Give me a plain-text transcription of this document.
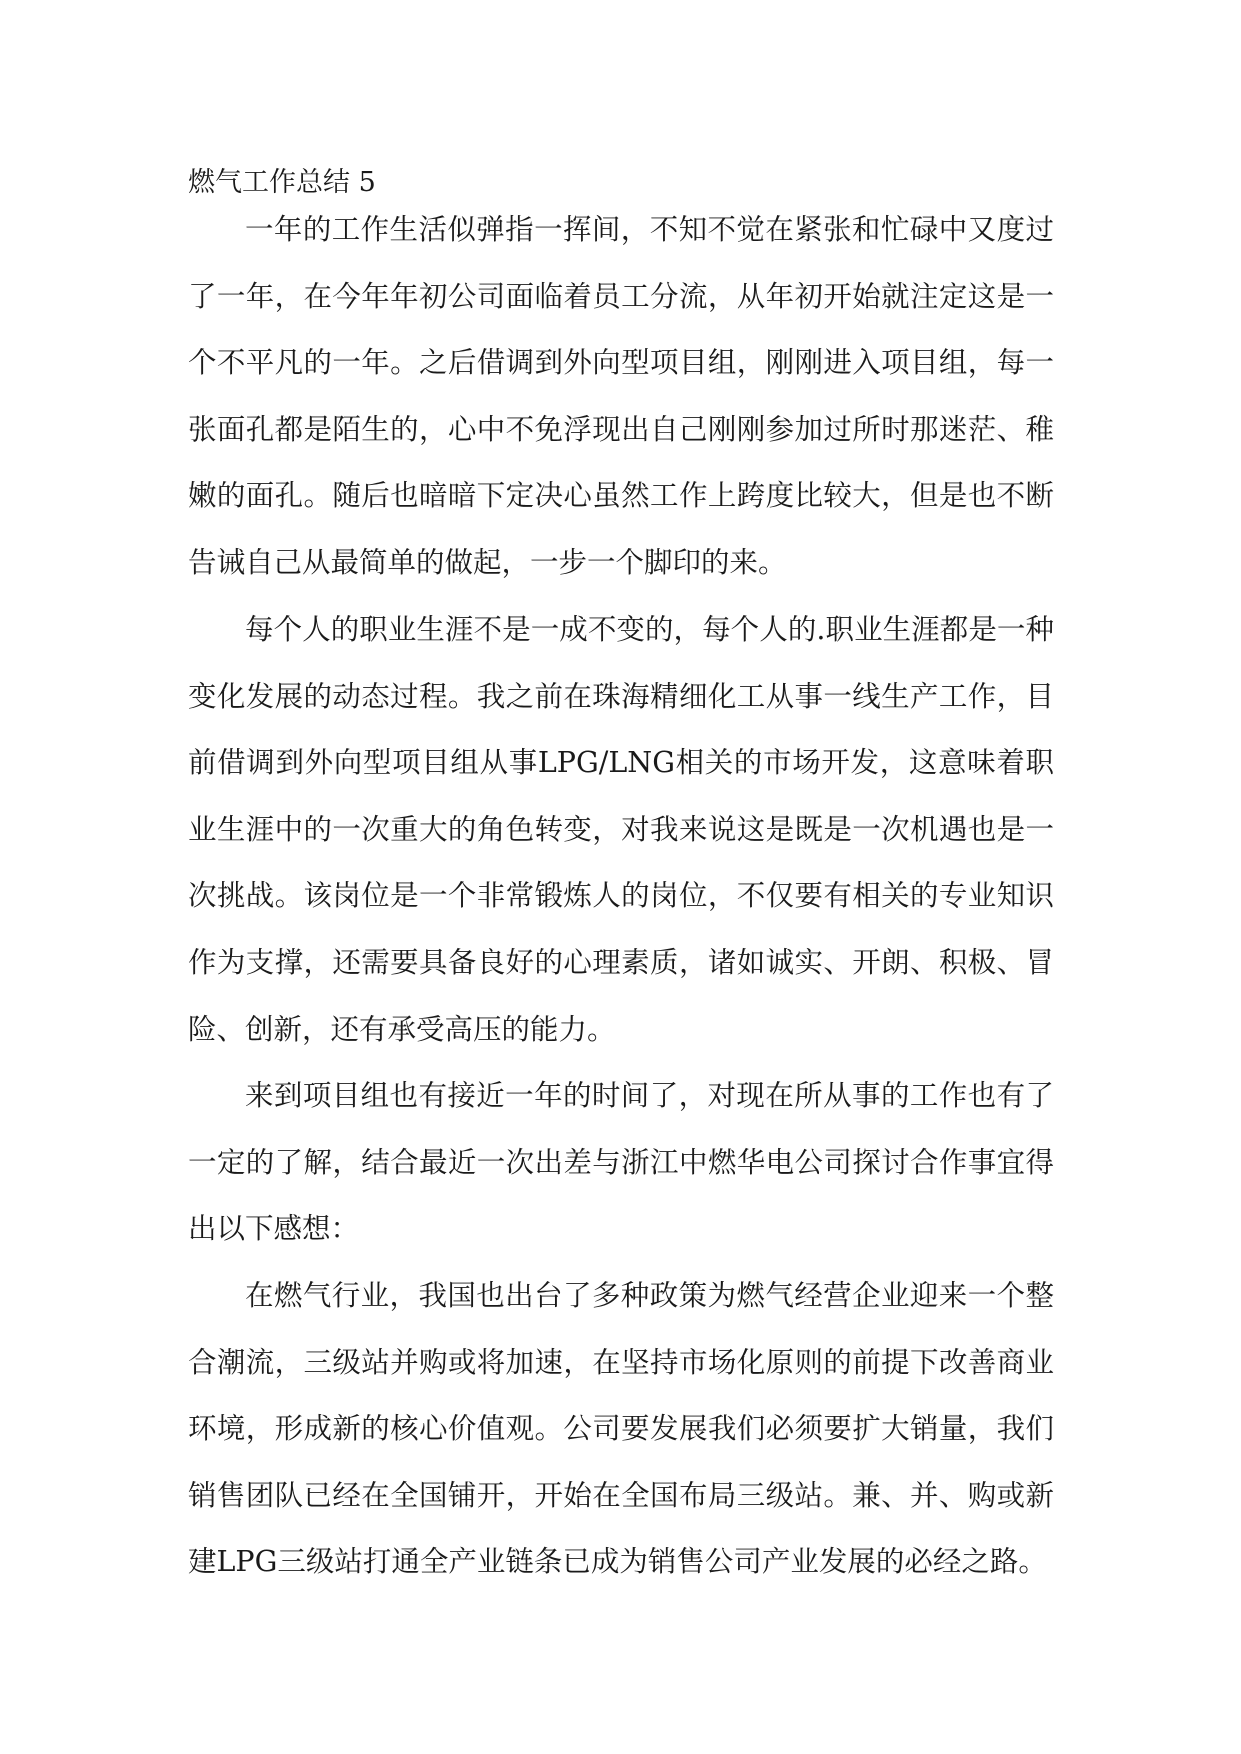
燃气工作总结 5

一年的工作生活似弹指一挥间，不知不觉在紧张和忙碌中又度过了一年，在今年年初公司面临着员工分流，从年初开始就注定这是一个不平凡的一年。之后借调到外向型项目组，刚刚进入项目组，每一张面孔都是陌生的，心中不免浮现出自己刚刚参加过所时那迷茫、稚嫩的面孔。随后也暗暗下定决心虽然工作上跨度比较大，但是也不断告诫自己从最简单的做起，一步一个脚印的来。

每个人的职业生涯不是一成不变的，每个人的.职业生涯都是一种变化发展的动态过程。我之前在珠海精细化工从事一线生产工作，目前借调到外向型项目组从事LPG/LNG相关的市场开发，这意味着职业生涯中的一次重大的角色转变，对我来说这是既是一次机遇也是一次挑战。该岗位是一个非常锻炼人的岗位，不仅要有相关的专业知识作为支撑，还需要具备良好的心理素质，诸如诚实、开朗、积极、冒险、创新，还有承受高压的能力。

来到项目组也有接近一年的时间了，对现在所从事的工作也有了一定的了解，结合最近一次出差与浙江中燃华电公司探讨合作事宜得出以下感想：

在燃气行业，我国也出台了多种政策为燃气经营企业迎来一个整合潮流，三级站并购或将加速，在坚持市场化原则的前提下改善商业环境，形成新的核心价值观。公司要发展我们必须要扩大销量，我们销售团队已经在全国铺开，开始在全国布局三级站。兼、并、购或新建LPG三级站打通全产业链条已成为销售公司产业发展的必经之路。
